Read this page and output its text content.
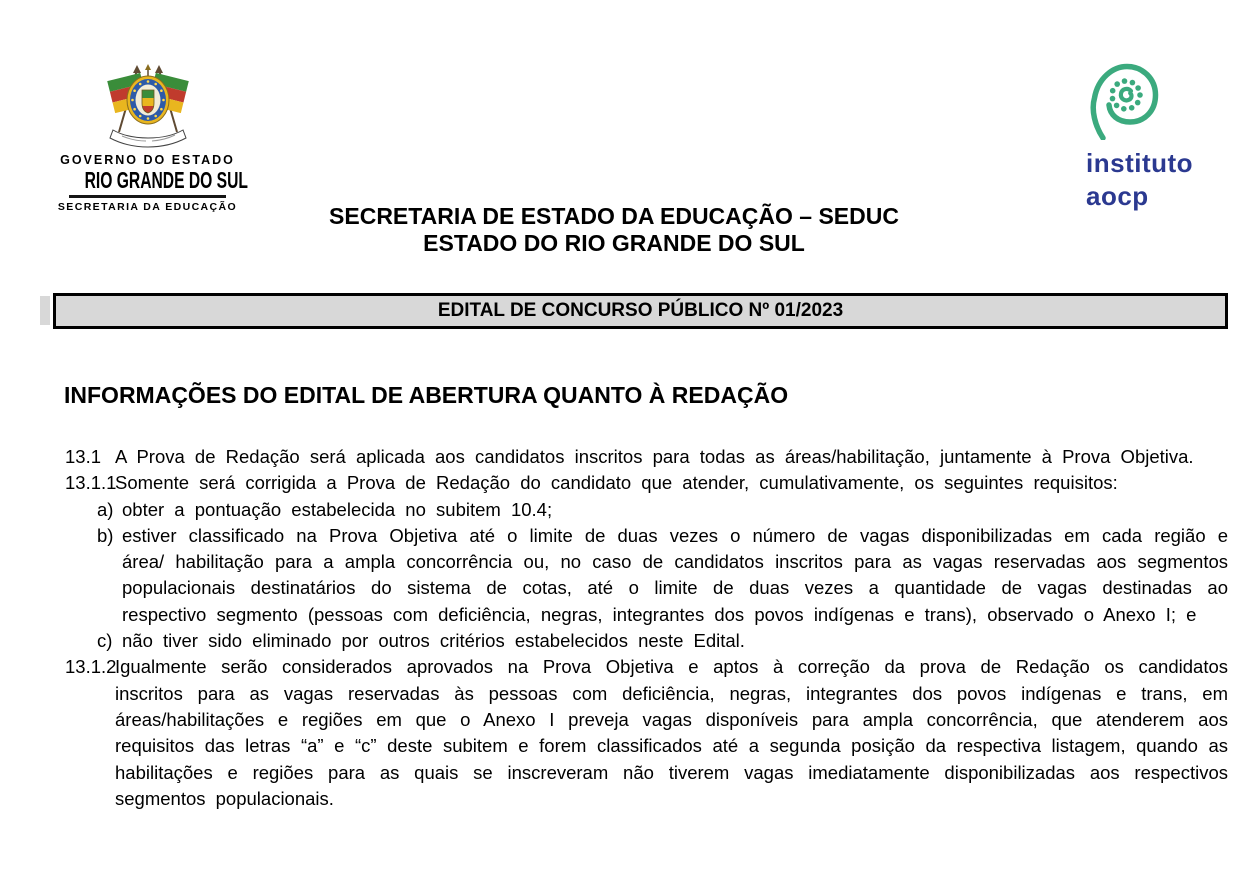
GOVERNO DO ESTADO
RIO GRANDE DO SUL
SECRETARIA DA EDUCAÇÃO
instituto
aocp
SECRETARIA DE ESTADO DA EDUCAÇÃO – SEDUC
ESTADO DO RIO GRANDE DO SUL
EDITAL DE CONCURSO PÚBLICO Nº 01/2023
INFORMAÇÕES DO EDITAL DE ABERTURA QUANTO À REDAÇÃO
13.1 A Prova de Redação será aplicada aos candidatos inscritos para todas as áreas/habilitação, juntamente à Prova Objetiva.
13.1.1
Somente será corrigida a Prova de Redação do candidato que atender, cumulativamente, os seguintes requisitos:
a) obter a pontuação estabelecida no subitem 10.4;
b) estiver classificado na Prova Objetiva até o limite de duas vezes o número de vagas disponibilizadas em cada região e área/ habilitação para a ampla concorrência ou, no caso de candidatos inscritos para as vagas reservadas aos segmentos populacionais destinatários do sistema de cotas, até o limite de duas vezes a quantidade de vagas destinadas ao respectivo segmento (pessoas com deficiência, negras, integrantes dos povos indígenas e trans), observado o Anexo I; e
c) não tiver sido eliminado por outros critérios estabelecidos neste Edital.
13.1.2
Igualmente serão considerados aprovados na Prova Objetiva e aptos à correção da prova de Redação os candidatos inscritos para as vagas reservadas às pessoas com deficiência, negras, integrantes dos povos indígenas e trans, em áreas/habilitações e regiões em que o Anexo I preveja vagas disponíveis para ampla concorrência, que atenderem aos requisitos das letras “a” e “c” deste subitem e forem classificados até a segunda posição da respectiva listagem, quando as habilitações e regiões para as quais se inscreveram não tiverem vagas imediatamente disponibilizadas aos respectivos segmentos populacionais.
